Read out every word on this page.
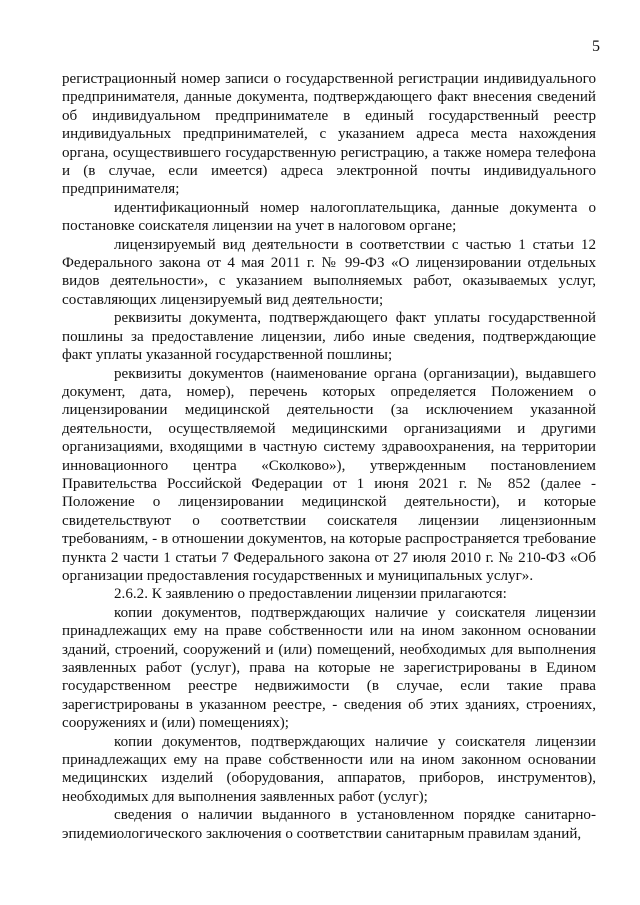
5

регистрационный номер записи о государственной регистрации индивидуального предпринимателя, данные документа, подтверждающего факт внесения сведений об индивидуальном предпринимателе в единый государственный реестр индивидуальных предпринимателей, с указанием адреса места нахождения органа, осуществившего государственную регистрацию, а также номера телефона и (в случае, если имеется) адреса электронной почты индивидуального предпринимателя;

идентификационный номер налогоплательщика, данные документа о постановке соискателя лицензии на учет в налоговом органе;

лицензируемый вид деятельности в соответствии с частью 1 статьи 12 Федерального закона от 4 мая 2011 г. № 99-ФЗ «О лицензировании отдельных видов деятельности», с указанием выполняемых работ, оказываемых услуг, составляющих лицензируемый вид деятельности;

реквизиты документа, подтверждающего факт уплаты государственной пошлины за предоставление лицензии, либо иные сведения, подтверждающие факт уплаты указанной государственной пошлины;

реквизиты документов (наименование органа (организации), выдавшего документ, дата, номер), перечень которых определяется Положением о лицензировании медицинской деятельности (за исключением указанной деятельности, осуществляемой медицинскими организациями и другими организациями, входящими в частную систему здравоохранения, на территории инновационного центра «Сколково»), утвержденным постановлением Правительства Российской Федерации от 1 июня 2021 г. № 852 (далее - Положение о лицензировании медицинской деятельности), и которые свидетельствуют о соответствии соискателя лицензии лицензионным требованиям, - в отношении документов, на которые распространяется требование пункта 2 части 1 статьи 7 Федерального закона от 27 июля 2010 г. № 210-ФЗ «Об организации предоставления государственных и муниципальных услуг».

2.6.2. К заявлению о предоставлении лицензии прилагаются:

копии документов, подтверждающих наличие у соискателя лицензии принадлежащих ему на праве собственности или на ином законном основании зданий, строений, сооружений и (или) помещений, необходимых для выполнения заявленных работ (услуг), права на которые не зарегистрированы в Едином государственном реестре недвижимости (в случае, если такие права зарегистрированы в указанном реестре, - сведения об этих зданиях, строениях, сооружениях и (или) помещениях);

копии документов, подтверждающих наличие у соискателя лицензии принадлежащих ему на праве собственности или на ином законном основании медицинских изделий (оборудования, аппаратов, приборов, инструментов), необходимых для выполнения заявленных работ (услуг);

сведения о наличии выданного в установленном порядке санитарно-эпидемиологического заключения о соответствии санитарным правилам зданий,
